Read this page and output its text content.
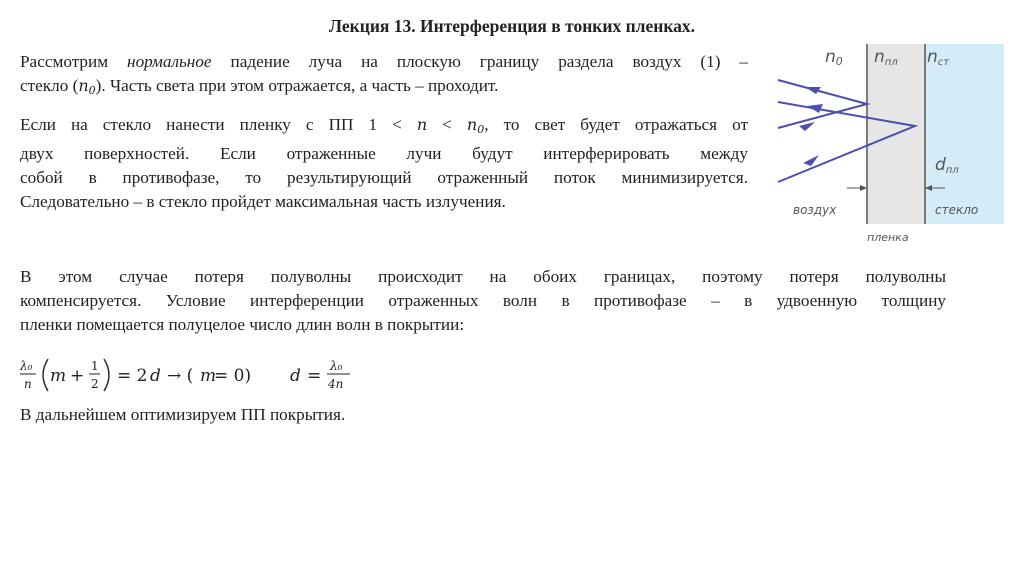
Лекция 13. Интерференция в тонких пленках.
Рассмотрим нормальное падение луча на плоскую границу раздела воздух (1) –
стекло $(n_0)$. Часть света при этом отражается, а часть – проходит.
Если на стекло нанести пленку с ПП $1 < n < n_0$, то свет будет отражаться от
двух поверхностей. Если отраженные лучи будут интерферировать между
собой в противофазе, то результирующий отраженный поток минимизируется.
Следовательно – в стекло пройдет максимальная часть излучения.
n0 nпл nст
dпл
воздух	стекло
пленка
В этом случае потеря полуволны происходит на обоих границах, поэтому потеря полуволны
компенсируется. Условие интерференции отраженных волн в противофазе – в удвоенную толщину
пленки помещается полуцелое число длин волн в покрытии:
λ₀
n m + 1
2 = 2 d → ( m
= 0) d = λ₀
4n
В дальнейшем оптимизируем ПП покрытия.
